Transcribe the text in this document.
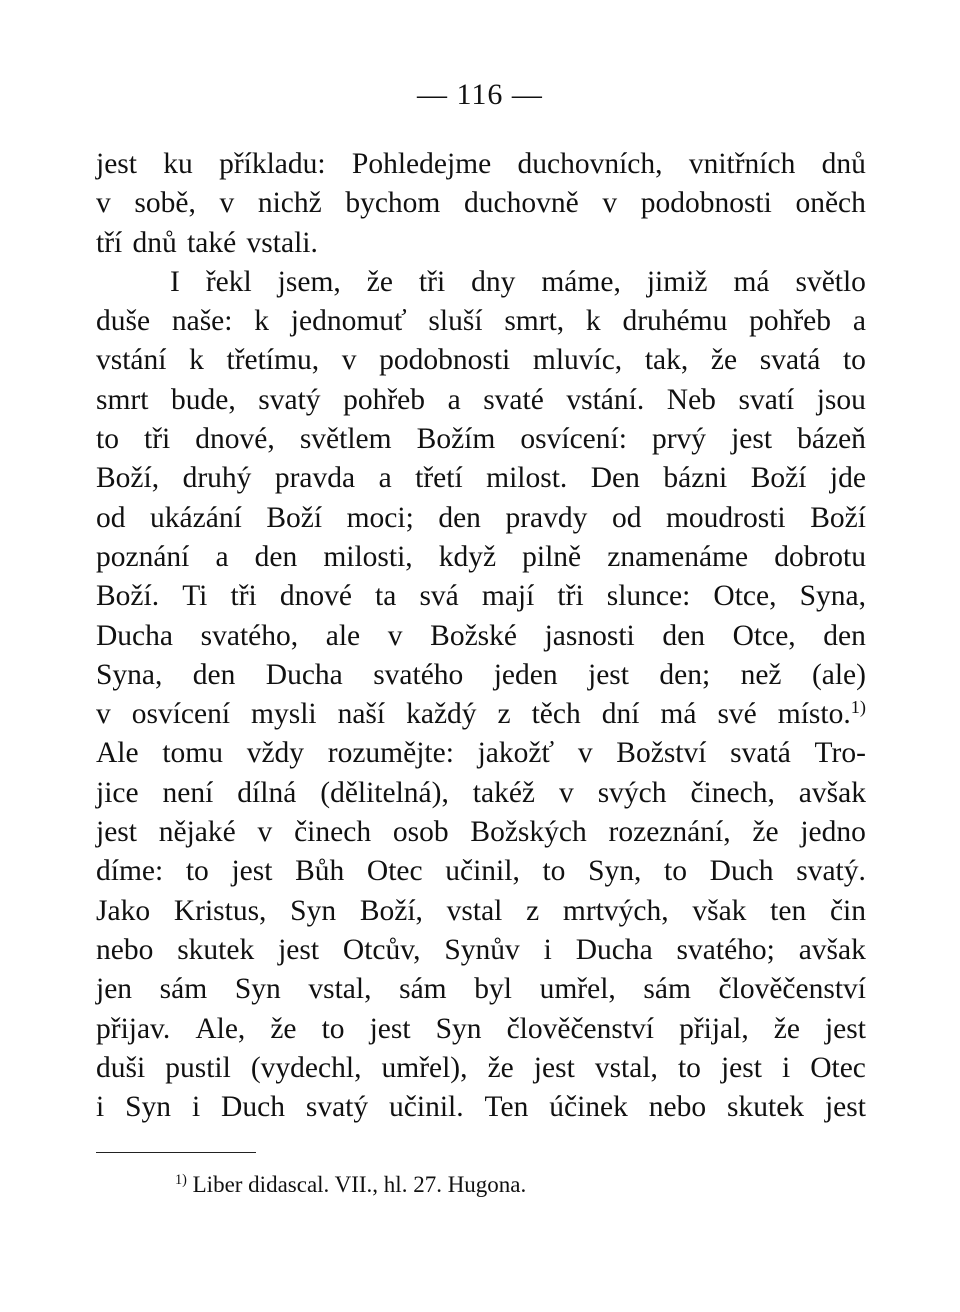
— 116 —
jest ku příkladu: Pohledejme duchovních, vnitřních dnů
v sobě, v nichž bychom duchovně v podobnosti oněch
tří dnů také vstali.
I řekl jsem, že tři dny máme, jimiž má světlo
duše naše: k jednomuť sluší smrt, k druhému pohřeb a
vstání k třetímu, v podobnosti mluvíc, tak, že svatá to
smrt bude, svatý pohřeb a svaté vstání. Neb svatí jsou
to tři dnové, světlem Božím osvícení: prvý jest bázeň
Boží, druhý pravda a třetí milost. Den bázni Boží jde
od ukázání Boží moci; den pravdy od moudrosti Boží
poznání a den milosti, když pilně znamenáme dobrotu
Boží. Ti tři dnové ta svá mají tři slunce: Otce, Syna,
Ducha svatého, ale v Božské jasnosti den Otce, den
Syna, den Ducha svatého jeden jest den; než (ale)
v osvícení mysli naší každý z těch dní má své místo.$^{1)}$
Ale tomu vždy rozumějte: jakožť v Božství svatá Tro-
jice není dílná (dělitelná), takéž v svých činech, avšak
jest nějaké v činech osob Božských rozeznání, že jedno
díme: to jest Bůh Otec učinil, to Syn, to Duch svatý.
Jako Kristus, Syn Boží, vstal z mrtvých, však ten čin
nebo skutek jest Otcův, Synův i Ducha svatého; avšak
jen sám Syn vstal, sám byl umřel, sám člověčenství
přijav. Ale, že to jest Syn člověčenství přijal, že jest
duši pustil (vydechl, umřel), že jest vstal, to jest i Otec
i Syn i Duch svatý učinil. Ten účinek nebo skutek jest
$^{1)}$ Liber didascal. VII., hl. 27. Hugona.
